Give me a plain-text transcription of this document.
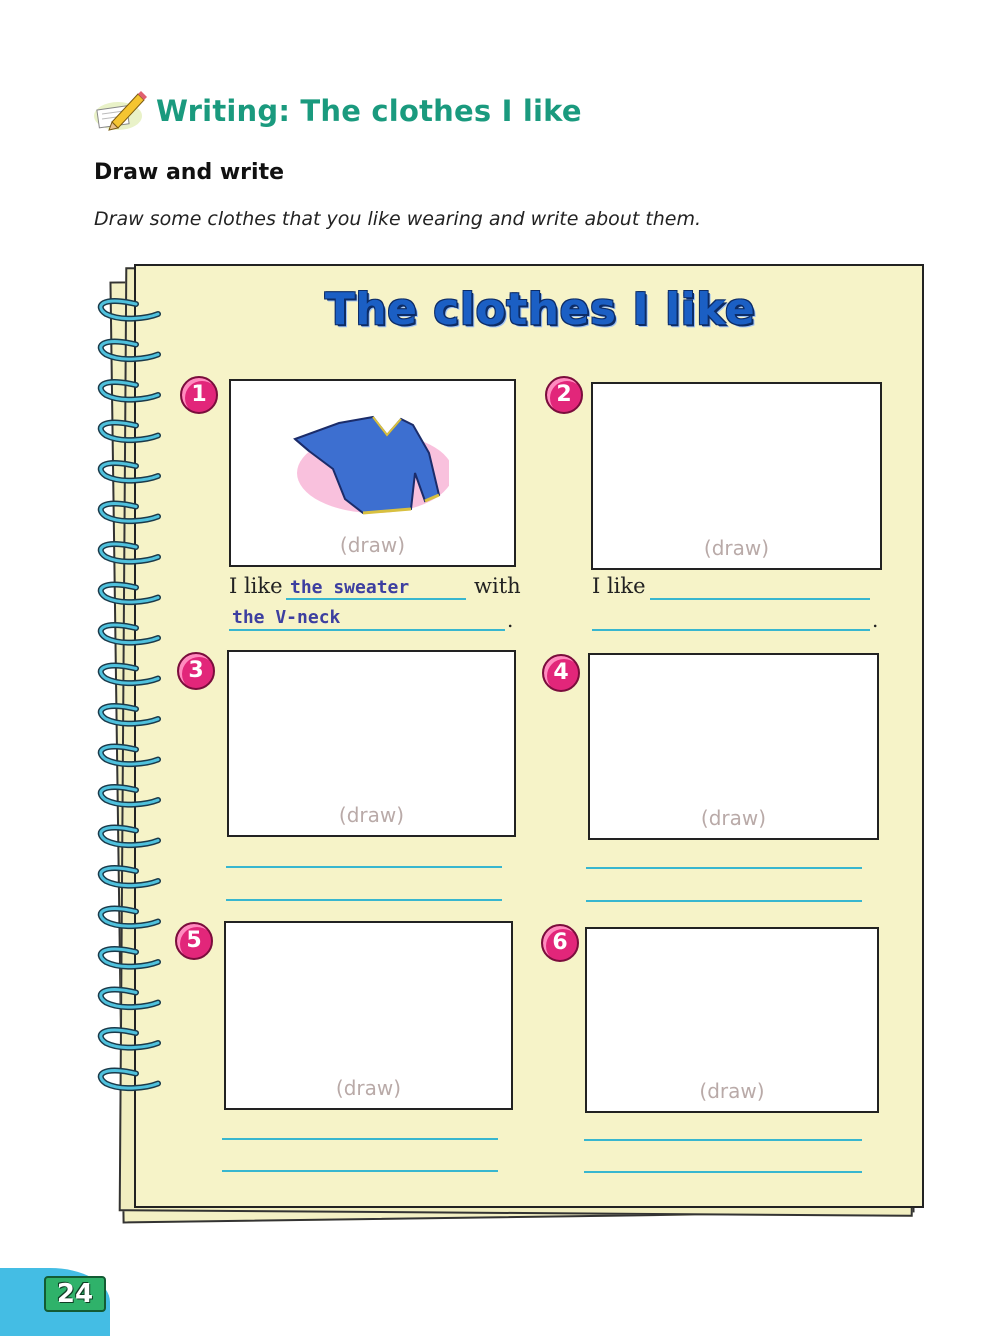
Writing: The clothes I like
Draw and write
Draw some clothes that you like wearing and write about them.
The clothes I like
1
(draw)
I like the sweater	with
the V-neck	.
2
(draw)
I like
.
3
(draw)
4
(draw)
5
(draw)
6
(draw)
24
